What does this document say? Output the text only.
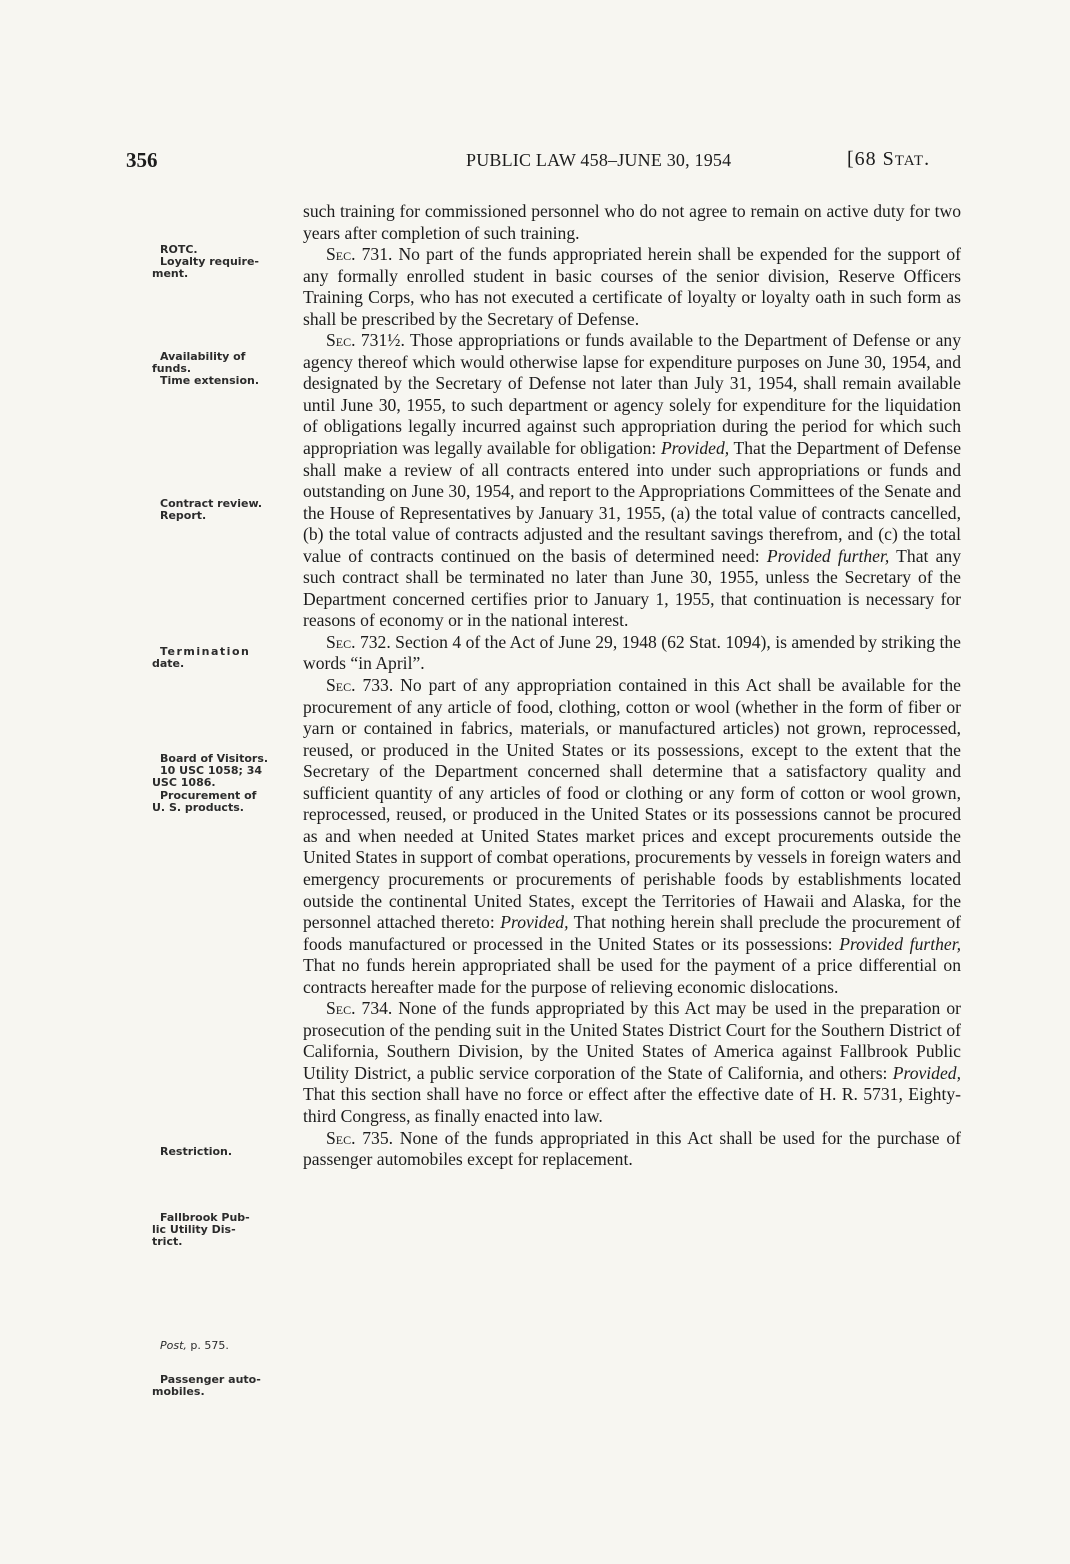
356	PUBLIC LAW 458–JUNE 30, 1954	[68 STAT.
ROTC.
Loyalty require-
ment.
Availability of
funds.
Time extension.
Contract review.
Report.
Termination
date.
Board of Visitors.
10 USC 1058; 34
USC 1086.
Procurement of
U. S. products.
Restriction.
Fallbrook Pub-
lic Utility Dis-
trict.
Post, p. 575.
Passenger auto-
mobiles.

such training for commissioned personnel who do not agree to remain on active duty for two years after completion of such training.

Sec. 731. No part of the funds appropriated herein shall be expended for the support of any formally enrolled student in basic courses of the senior division, Reserve Officers Training Corps, who has not executed a certificate of loyalty or loyalty oath in such form as shall be prescribed by the Secretary of Defense.

Sec. 731½. Those appropriations or funds available to the Department of Defense or any agency thereof which would otherwise lapse for expenditure purposes on June 30, 1954, and designated by the Secretary of Defense not later than July 31, 1954, shall remain available until June 30, 1955, to such department or agency solely for expenditure for the liquidation of obligations legally incurred against such appropriation during the period for which such appropriation was legally available for obligation: Provided, That the Department of Defense shall make a review of all contracts entered into under such appropriations or funds and outstanding on June 30, 1954, and report to the Appropriations Committees of the Senate and the House of Representatives by January 31, 1955, (a) the total value of contracts cancelled, (b) the total value of contracts adjusted and the resultant savings therefrom, and (c) the total value of contracts continued on the basis of determined need: Provided further, That any such contract shall be terminated no later than June 30, 1955, unless the Secretary of the Department concerned certifies prior to January 1, 1955, that continuation is necessary for reasons of economy or in the national interest.

Sec. 732. Section 4 of the Act of June 29, 1948 (62 Stat. 1094), is amended by striking the words “in April”.

Sec. 733. No part of any appropriation contained in this Act shall be available for the procurement of any article of food, clothing, cotton or wool (whether in the form of fiber or yarn or contained in fabrics, materials, or manufactured articles) not grown, reprocessed, reused, or produced in the United States or its possessions, except to the extent that the Secretary of the Department concerned shall determine that a satisfactory quality and sufficient quantity of any articles of food or clothing or any form of cotton or wool grown, reprocessed, reused, or produced in the United States or its possessions cannot be procured as and when needed at United States market prices and except procurements outside the United States in support of combat operations, procurements by vessels in foreign waters and emergency procurements or procurements of perishable foods by establishments located outside the continental United States, except the Territories of Hawaii and Alaska, for the personnel attached thereto: Provided, That nothing herein shall preclude the procurement of foods manufactured or processed in the United States or its possessions: Provided further, That no funds herein appropriated shall be used for the payment of a price differential on contracts hereafter made for the purpose of relieving economic dislocations.

Sec. 734. None of the funds appropriated by this Act may be used in the preparation or prosecution of the pending suit in the United States District Court for the Southern District of California, Southern Division, by the United States of America against Fallbrook Public Utility District, a public service corporation of the State of California, and others: Provided, That this section shall have no force or effect after the effective date of H. R. 5731, Eighty-third Congress, as finally enacted into law.

Sec. 735. None of the funds appropriated in this Act shall be used for the purchase of passenger automobiles except for replacement.
